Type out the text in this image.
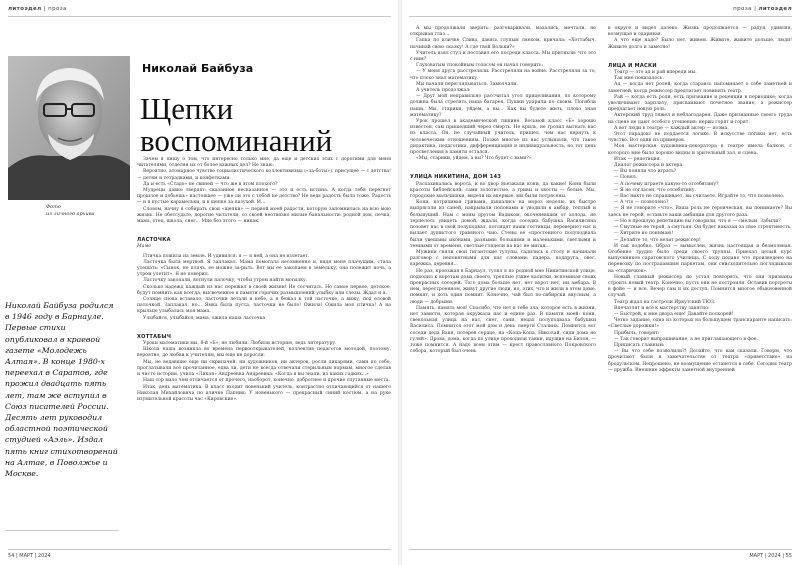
литоэдел | проза
Фото
из личного архива
Николай Байбуза
Щепки
воспоминаний
Николай Байбуза родился в 1946 году в Барнауле. Первые стихи опубликовал в краевой газете «Молодежь Алтая». В конце 1980-х переехал в Саратов, где прожил двадцать пять лет, там же вступил в Союз писателей России. Десять лет руководил областной поэтической студией «Аэль». Издал пять книг стихотворений на Алтае, в Поволжье и Москве.

Зачем я пишу о том, что интересно только мне, да еще и детских этих с дорогими для меня читателями, отделяя их от более важных дел? Не знаю.

Вероятно, атомарное чувство социалистического коллективизма («за-боты»), присущее — с детства! — детям и тетрадками, и конфетками.

Да и есть «Стадо» не свиней — что же в этом плохого?

Мудрецы давно твердят: сказанное несказанное — это и есть истина. А когда тебя перегнет прошлое и добьешь» настоящее — уже ли это с тобой не детство? Не ведь радость была тоже. Радость — и в пустые карамельки, и в щепке за пазухой. И...

Словом, начну я собирать свои «щепки» — первой моей радости, которую запомнилась на всю мою жизнь. Не обессудьте, дорогие читатели, со своей неотвязно милые банальности: родной дом, печка, мама, отец, школа, снег... Мне без этого — никак.

ЛАСТОЧКА
Маме

Птичка пожила на земле. И удивился: я — я ней, а она не взлетает.

Ласточка была мертвой. Я заплакал. Мама помогала несомненно и, видя меня плачущим, стала утешать: «Сынок, не плачь, ее можно за-рыть. Вот мы ее закопаем в земельку, она полежит ночь, а утром улетит». Я не поверил.

Ласточку закопали, вотнули палочку, чтобы утром найти могилку.

Сколько надежд каждый из нас пережил в своей жизни! Не сосчитать. Но самое первое, детское, будут помнить как всегда, высвеченное в памяти горячих размышлений улыбку или слезы. Ждал и я.

Солнце снова вставало, ласточки летали в небе, а я бежал к той ласточке, а вижу, под еловой палочкой. Заплакал, но... Ямка была пуста, ласточки не было! Ожила! Ожила моя птичка! А на крыльце улыбалась моя мама.

Улыбайся, улыбайся, мама, ожила наша ласточка

ХОТТАБЫЧ

Уроки математики мы, 8-й «Б», не любили. Любили историю, ведь литературу.

Школа наша возникла во времена первооткрывателей, коллектив педагогов молодой, поэтому, вероятно, до любви к учителям, мы еще не доросли.

Мы, не ведавшие еще ни скрипачей, ни художников, ни актеров, росли дикарями, сами по себе, проглатывали всё прочитанное, едва ли, дети не всегда отвечали стерильным нормам, многое сделав и чисто истории, учила «Ликая» Андреевна Андреевна: «Когда в вы знали, из каких гадких...»

Наш сор мало чем отличается от прочего, наоборот, конечно, добротнее и прочие спутанные места.

Итак, день математика. В класс входит новенький учитель, контрастно отличающийся от нашего Николая Михайловича по кличке Папник: У новенького — прекрасный синий костюм, а на руке изумительной красоты час «Кировские».

54 | МАРТ | 2024
проза | литоэдел
МАРТ | 2024 | 55

А мы продолжали зверить: разговаривали, махались, мечтали, не открывая глаз...

Гапка по кличке Слива, давясь глупым смехом, кричала: «Хоттабыч, начинай свою сказку! А где твой Вольки?»

Учитель взял стул и поставил его посреди класса. Мы притихли: что это с ним?

Глуховатым спокойным голосом он начал говорить:

— У меня друга расстреляли. Расстреляли на войне. Расстреляли за то, что плохо знал математику.

Мы начали переглядываться. Замолчали.

А учитель продолжал:

— Друг мой неправильно рассчитал угол прицеливания, по которому должна была стрелять наша батарея. Пушки ударили по своим. Погибли наши. Мы, старики, уйдем, а вы... Как вы будете жить, плохо зная математику?

Урок прошел в академической тишине. Восьмой класс «Б» хорошо известен, сам пришедший через смерть. Не криль, не грозил выгнать нас из класса. Он, не случайный учитель, пришел, чем нас вернуть к человеческим отношениям. Позже многое из нас услышали, что такое дидактика, педагогика, дифференциация и индивидуальность, но тот день просветления в памяти остался.

«Мы, старики, уйдем, а вы? Что будет с вами?»

УЛИЦА НИКИТИНА, ДОМ 143

Распахивались ворота, и во двор въезжали кони, да какие! Кони были красоты библейской: сами золотистые, а гривы и хвосты — белые. Мы, городские мальчишки, видели их впервые, мы были потрясены.

Кони, потряхивая гривами, дышались на мороз неделю, их быстро выпрягали из саней, накрывали попонами и уводили в амбар, теплый и большущий. Нам с моим другом Вадиком, окоченевшим от холода, не терпелось увидеть домой, ждали, когда соседка бабушка Василисина позовет нас в свой полуподвал, поглядят наши гостинцы, перевернет нас и вылает душистого травяного чаю. Стены ее «простенного полуподвала были увешаны иконами, разными: большими и маленькими, светлыми и темными от времени, светлые глядели на нас не мигая...

Мужики сняли свои гигантские тулупы, садились к столу и начинали разговор с непонятными для нас словами: падера, подпруга, овес, варежка, деревня...

Не раз, проезжая в Барнаул, тулял я по родной мне Никитинской улице, подходил к воротам дома своего, треплые узкие калитки, вспоминая своих прекрасных соседей. Того дома больше нет, нет ворот нет, ни амбара. В нем, перестроенном, живут другие люди, но, этих, что и жили в этом доме, помнят, и хоть один помнит. Конечно, чай был по-сибирски вкусным, а люди — добрыми.

Память, память моя! Спасибо, что нет в тебе зла, которое есть в жизни, нет зависти, которая окружала нас и едине раз. В памяти моей: кони, свекольная улица на нас, снег, сани, нецах полуподвала бабушки Василиса. Помнится этот мой дом и день смерти Сталина. Помнится вот соседи деда Ваня, потерев сердце, на «Копа-Копа, Николай, сиди дома не гуляй». Дрова, дома, когда по улице проходили танки, идущие на Билон, — тоже помнится. А надо всем этим — крест православного Покровского собора, который был очень

в округе и видел далеко. Жизнь продолжается — радуя, удивляя, возмущая и одаривая.

А что еще надо? Было нет, живем. Живите, живите дольше, люди! Живите долго и заметно!

ЛИЦА И МАСКИ

Театр — это ад и рай впереди мы.

Так мне показалось.

Ад — когда нет ролей; когда стараясь напоминает о себе заметней и заметней; когда режиссер предлагает повинить театр.

Рай — когда есть роли, есть признание и реценции в периодике; когда увеличивают зарплату, присваивают почетное звание, а режиссер предлагает новую роль.

Актерский труд тяжел и неблагодарен. Даже признанные своего труда на сцене не дают особого утешения: нервы горят и горят.

А вот люди в театре — каждый актер — поэма.

Этот парадокс не поддается логике. В искусстве логики нет, есть чувство. Вот один из примеров.

Моя мастерская художника-декоратора в театре имела балкон, с которого мне было хорошо видны и зрительный зал, и сцена.

Итак — репетиция.

Диалог режиссера и актера.

— Вы поняли что играть?

— Понял.

— А почему играете какую-то отсебятину?

— Я не согласен, что отсебятину.

— Вас никто не спрашивает, вы считаете. Играйте то, что позволено.

— А что — позволено?

— Я не говорите «что». Ваша роль не героическая, вы понимаете? Вы здесь не герой, оставьте ваши амбиции для другого раза.

— Но в прошлую репетицию вы говорили, что я — смелым. Забыли?

— Смутные не герой, а смутьян. Он будет наказан за свое строптивость.

— Хитрите но понимаю!

— Делайте то, что велит режиссер!

И так подобно. Образ — вымыслен, жизнь настоящая и безмолвная. Особенно трудно было среди своего труппы. Приехал целый курс выпускников саратовского училища. С ходу подано что произведено на перевозку по пострадавшим паркетам, они снисходительно поглядывали на «старичков».

Новый главный режиссер не устал повторять, что они призваны строить новый театр. Конечно, пусть они не построили. Оставив портреты в фойе — и все. Вечер сам и их доступ. Помнится многое обыкновенной случай.

Театр ждал на гастроли Иркутский ТЮЗ.

Впечатлят и все к мастерству занятно:

— Быстрей, к мне двора еще! Давайте поскорей!

Четко задание, одна из которых на большущем транспаранте написать: «Светлые дорожки!»

Прибыль, говорит:

— Так говорит выпрашивание, а не приглашающего в фое.

Приписать главным:

— Вы что себе позволили?! Делайте, что вам сказали. Говорю, что прочитают были в замечательстве от театра «приветствие» на бродульском. Непрошено, не возмущение останется в себе. Сегодня театр — дружба. Внешние эффекты заметной внутренней
